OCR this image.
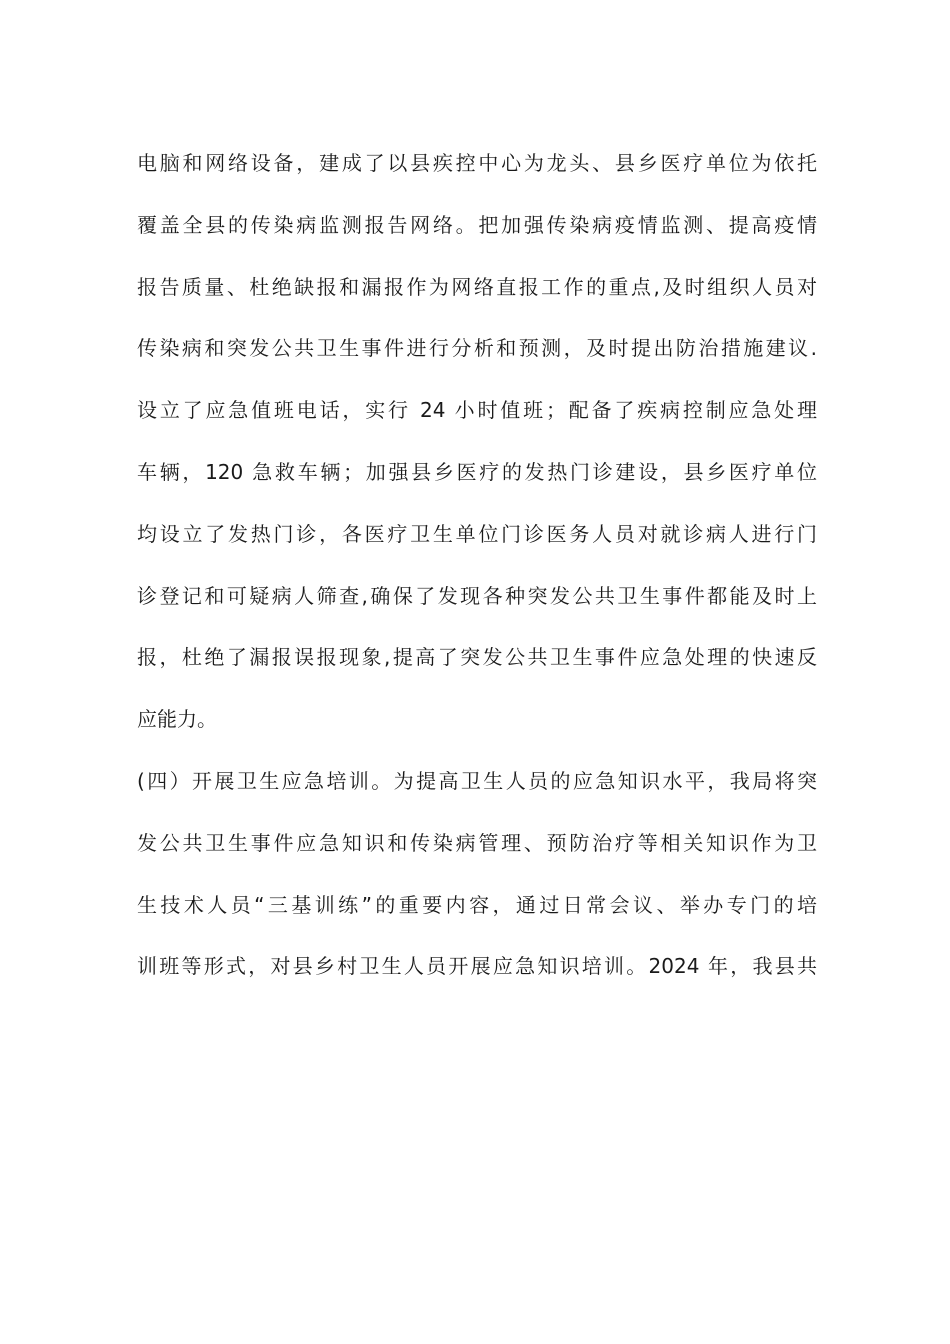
电脑和网络设备，建成了以县疾控中心为龙头、县乡医疗单位为依托
覆盖全县的传染病监测报告网络。把加强传染病疫情监测、提高疫情
报告质量、杜绝缺报和漏报作为网络直报工作的重点,及时组织人员对
传染病和突发公共卫生事件进行分析和预测，及时提出防治措施建议.
设立了应急值班电话，实行 24 小时值班；配备了疾病控制应急处理
车辆，120 急救车辆；加强县乡医疗的发热门诊建设，县乡医疗单位
均设立了发热门诊，各医疗卫生单位门诊医务人员对就诊病人进行门
诊登记和可疑病人筛查,确保了发现各种突发公共卫生事件都能及时上
报，杜绝了漏报误报现象,提高了突发公共卫生事件应急处理的快速反
应能力。
(四）开展卫生应急培训。为提高卫生人员的应急知识水平，我局将突
发公共卫生事件应急知识和传染病管理、预防治疗等相关知识作为卫
生技术人员“三基训练”的重要内容，通过日常会议、举办专门的培
训班等形式，对县乡村卫生人员开展应急知识培训。2024 年，我县共
